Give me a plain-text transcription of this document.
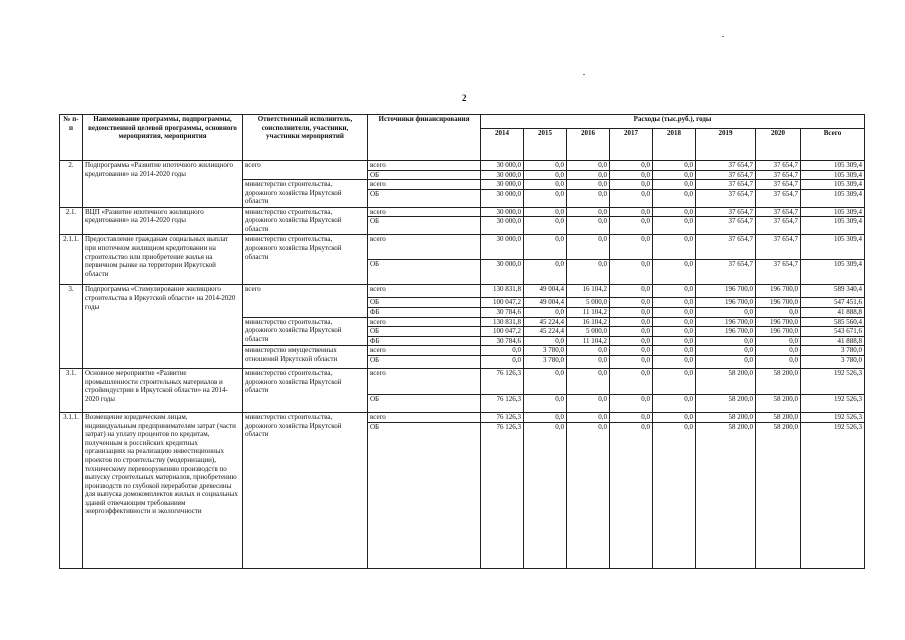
2
№ п-п	Наименование программы, подпрограммы, ведомственной целевой программы, основного мероприятия, мероприятия	Ответственный исполнитель, соисполнители, участники, участники мероприятий	Источники финансирования	Расходы (тыс.руб.), годы							
				2014	2015	2016	2017	2018	2019	2020	Всего
2.	Подпрограмма «Развитие ипотечного жилищного кредитования» на 2014-2020 годы	всего	всего	30 000,0	0,0	0,0	0,0	0,0	37 654,7	37 654,7	105 309,4
			ОБ	30 000,0	0,0	0,0	0,0	0,0	37 654,7	37 654,7	105 309,4
		министерство строительства, дорожного хозяйства Иркутской области	всего	30 000,0	0,0	0,0	0,0	0,0	37 654,7	37 654,7	105 309,4
			ОБ	30 000,0	0,0	0,0	0,0	0,0	37 654,7	37 654,7	105 309,4
2.1.	ВЦП «Развитие ипотечного жилищного кредитования» на 2014-2020 годы	министерство строительства, дорожного хозяйства Иркутской области	всего	30 000,0	0,0	0,0	0,0	0,0	37 654,7	37 654,7	105 309,4
			ОБ	30 000,0	0,0	0,0	0,0	0,0	37 654,7	37 654,7	105 309,4
2.1.1.	Предоставление гражданам социальных выплат при ипотечном жилищном кредитовании на строительство или приобретение жилья на первичном рынке на территории Иркутской области	министерство строительства, дорожного хозяйства Иркутской области	всего	30 000,0	0,0	0,0	0,0	0,0	37 654,7	37 654,7	105 309,4
			ОБ	30 000,0	0,0	0,0	0,0	0,0	37 654,7	37 654,7	105 309,4
3.	Подпрограмма «Стимулирование жилищного строительства в Иркутской области» на 2014-2020 годы	всего	всего	130 831,8	49 004,4	16 104,2	0,0	0,0	196 700,0	196 700,0	589 340,4
			ОБ	100 047,2	49 004,4	5 000,0	0,0	0,0	196 700,0	196 700,0	547 451,6
			ФБ	30 784,6	0,0	11 104,2	0,0	0,0	0,0	0,0	41 888,8
		министерство строительства, дорожного хозяйства Иркутской области	всего	130 831,8	45 224,4	16 104,2	0,0	0,0	196 700,0	196 700,0	585 560,4
			ОБ	100 047,2	45 224,4	5 000,0	0,0	0,0	196 700,0	196 700,0	543 671,6
			ФБ	30 784,6	0,0	11 104,2	0,0	0,0	0,0	0,0	41 888,8
		министерство имущественных отношений Иркутской области	всего	0,0	3 780,0	0,0	0,0	0,0	0,0	0,0	3 780,0
			ОБ	0,0	3 780,0	0,0	0,0	0,0	0,0	0,0	3 780,0
3.1.	Основное мероприятие «Развитие промышленности строительных материалов и стройиндустрии в Иркутской области» на 2014-2020 годы	министерство строительства, дорожного хозяйства Иркутской области	всего	76 126,3	0,0	0,0	0,0	0,0	58 200,0	58 200,0	192 526,3
			ОБ	76 126,3	0,0	0,0	0,0	0,0	58 200,0	58 200,0	192 526,3
3.1.1.	Возмещение юридическим лицам, индивидуальным предпринимателям затрат (части затрат) на уплату процентов по кредитам, полученным в российских кредитных организациях на реализацию инвестиционных проектов по строительству (модернизации), техническому перевооружению производств по выпуску строительных материалов, приобретению производств по глубокой переработке древесины для выпуска домокомплектов жилых и социальных зданий отвечающим требованиям энергоэффективности и экологичности	министерство строительства, дорожного хозяйства Иркутской области	всего	76 126,3	0,0	0,0	0,0	0,0	58 200,0	58 200,0	192 526,3
			ОБ	76 126,3	0,0	0,0	0,0	0,0	58 200,0	58 200,0	192 526,3
